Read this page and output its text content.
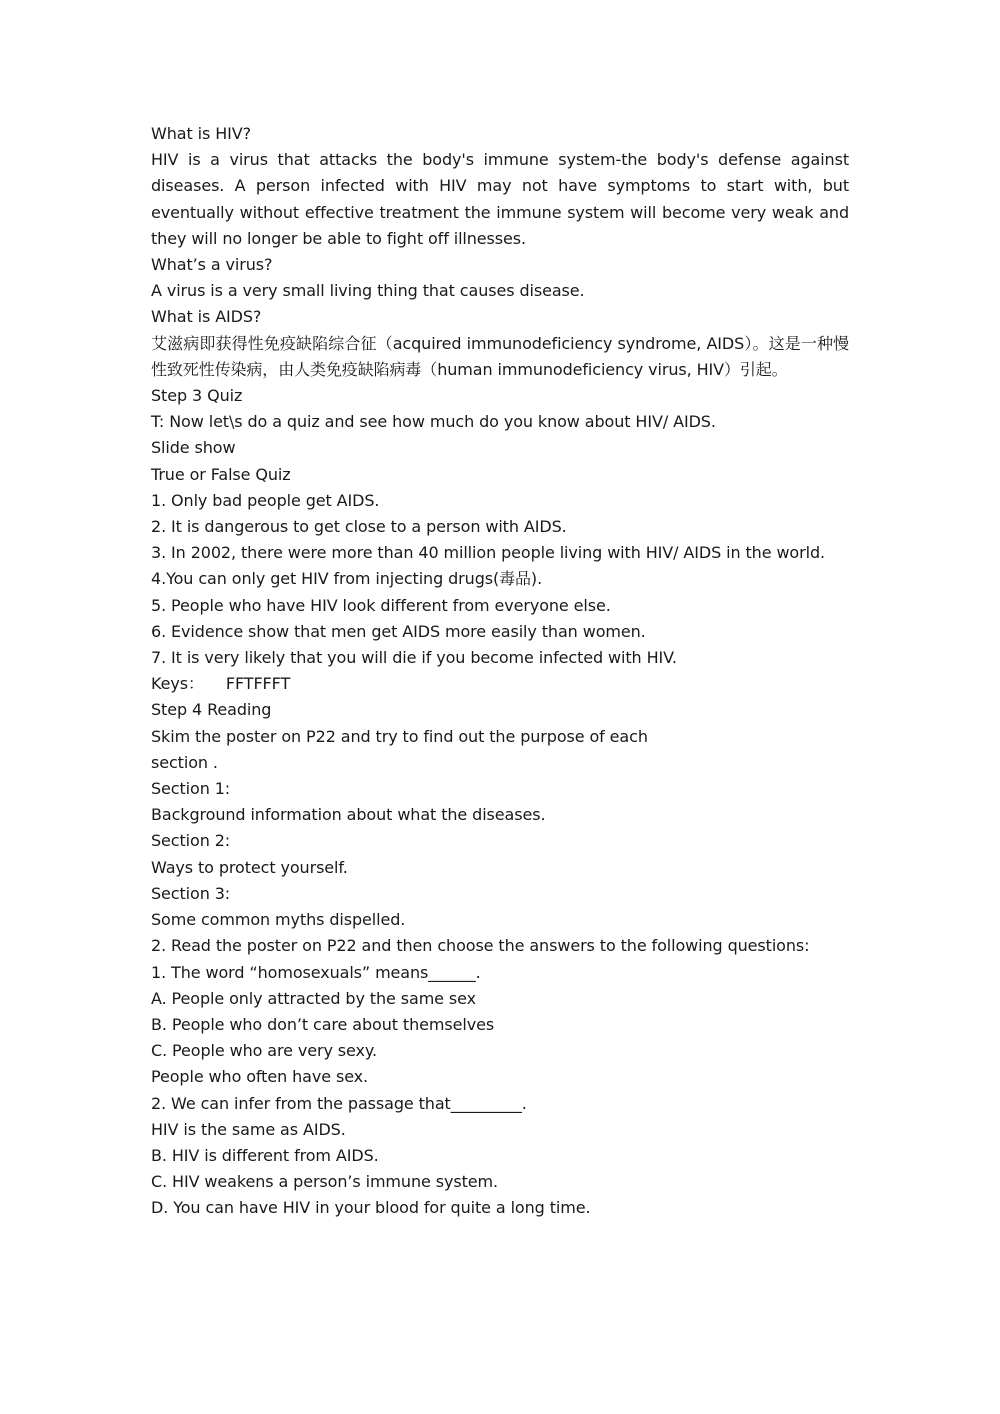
What is HIV?

HIV is a virus that attacks the body's immune system-the body's defense against diseases. A person infected with HIV may not have symptoms to start with, but eventually without effective treatment the immune system will become very weak and they will no longer be able to fight off illnesses.

What’s a virus?

A virus is a very small living thing that causes disease.

What is AIDS?

艾滋病即获得性免疫缺陷综合征（acquired immunodeficiency syndrome, AIDS）。这是一种慢性致死性传染病，由人类免疫缺陷病毒（human immunodeficiency virus, HIV）引起。

Step 3 Quiz

T: Now let\s do a quiz and see how much do you know about HIV/ AIDS.

Slide show

True or False Quiz

1. Only bad people get AIDS.

2. It is dangerous to get close to a person with AIDS.

3. In 2002, there were more than 40 million people living with HIV/ AIDS in the world.

4.You can only get HIV from injecting drugs(毒品).

5. People who have HIV look different from everyone else.

6. Evidence show that men get AIDS more easily than women.

7. It is very likely that you will die if you become infected with HIV.

Keys： FFTFFFT

Step 4 Reading

Skim the poster on P22 and try to find out the purpose of each

section .

Section 1:

Background information about what the diseases.

Section 2:

Ways to protect yourself.

Section 3:

Some common myths dispelled.

2. Read the poster on P22 and then choose the answers to the following questions:

1. The word “homosexuals” means______.

A. People only attracted by the same sex

B. People who don’t care about themselves

C. People who are very sexy.

People who often have sex.

2. We can infer from the passage that_________.

HIV is the same as AIDS.

B. HIV is different from AIDS.

C. HIV weakens a person’s immune system.

D. You can have HIV in your blood for quite a long time.
